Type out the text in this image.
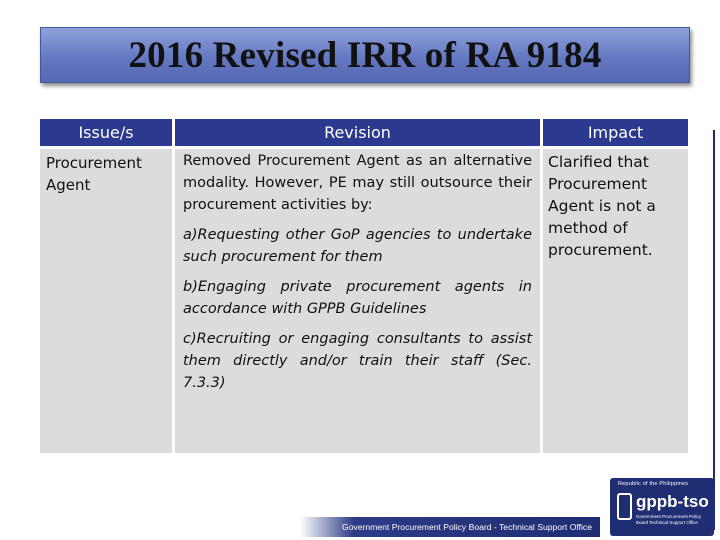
2016 Revised IRR of RA 9184
Issue/s	Revision	Impact
Procurement Agent

Removed Procurement Agent as an alternative modality. However, PE may still outsource their procurement activities by:

a)Requesting other GoP agencies to undertake such procurement for them

b)Engaging private procurement agents in accordance with GPPB Guidelines

c)Recruiting or engaging consultants to assist them directly and/or train their staff (Sec. 7.3.3)

Clarified that Procurement Agent is not a method of procurement.
Government Procurement Policy Board - Technical Support Office
Republic of the Philippines
gppb-tso
Government Procurement Policy Board Technical Support Office
